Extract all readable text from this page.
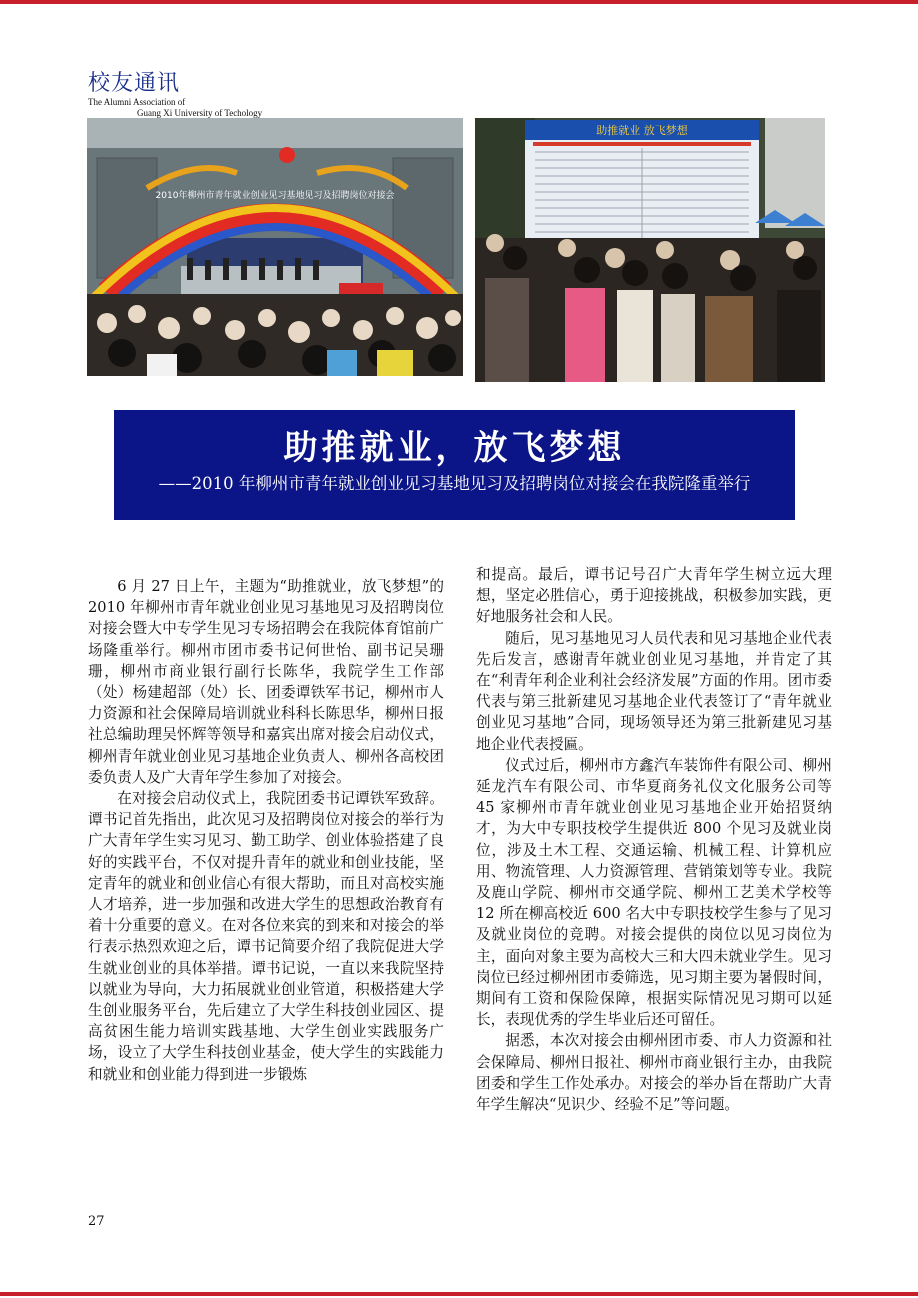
校友通讯
The Alumni Association of
Guang Xi University of Techology
2010年柳州市青年就业创业见习基地见习及招聘岗位对接会
助推就业 放飞梦想
助推就业，放飞梦想
——2010 年柳州市青年就业创业见习基地见习及招聘岗位对接会在我院隆重举行

6 月 27 日上午，主题为“助推就业，放飞梦想”的 2010 年柳州市青年就业创业见习基地见习及招聘岗位对接会暨大中专学生见习专场招聘会在我院体育馆前广场隆重举行。柳州市团市委书记何世怡、副书记吴珊珊，柳州市商业银行副行长陈华，我院学生工作部（处）杨建超部（处）长、团委谭铁军书记，柳州市人力资源和社会保障局培训就业科科长陈思华，柳州日报社总编助理吴怀辉等领导和嘉宾出席对接会启动仪式，柳州青年就业创业见习基地企业负责人、柳州各高校团委负责人及广大青年学生参加了对接会。

在对接会启动仪式上，我院团委书记谭铁军致辞。谭书记首先指出，此次见习及招聘岗位对接会的举行为广大青年学生实习见习、勤工助学、创业体验搭建了良好的实践平台，不仅对提升青年的就业和创业技能，坚定青年的就业和创业信心有很大帮助，而且对高校实施人才培养，进一步加强和改进大学生的思想政治教育有着十分重要的意义。在对各位来宾的到来和对接会的举行表示热烈欢迎之后，谭书记简要介绍了我院促进大学生就业创业的具体举措。谭书记说，一直以来我院坚持以就业为导向，大力拓展就业创业管道，积极搭建大学生创业服务平台，先后建立了大学生科技创业园区、提高贫困生能力培训实践基地、大学生创业实践服务广场，设立了大学生科技创业基金，使大学生的实践能力和就业和创业能力得到进一步锻炼

和提高。最后，谭书记号召广大青年学生树立远大理想，坚定必胜信心，勇于迎接挑战，积极参加实践，更好地服务社会和人民。

随后，见习基地见习人员代表和见习基地企业代表先后发言，感谢青年就业创业见习基地，并肯定了其在“利青年利企业利社会经济发展”方面的作用。团市委代表与第三批新建见习基地企业代表签订了“青年就业创业见习基地”合同，现场领导还为第三批新建见习基地企业代表授匾。

仪式过后，柳州市方鑫汽车装饰件有限公司、柳州延龙汽车有限公司、市华夏商务礼仪文化服务公司等 45 家柳州市青年就业创业见习基地企业开始招贤纳才，为大中专职技校学生提供近 800 个见习及就业岗位，涉及土木工程、交通运输、机械工程、计算机应用、物流管理、人力资源管理、营销策划等专业。我院及鹿山学院、柳州市交通学院、柳州工艺美术学校等 12 所在柳高校近 600 名大中专职技校学生参与了见习及就业岗位的竞聘。对接会提供的岗位以见习岗位为主，面向对象主要为高校大三和大四未就业学生。见习岗位已经过柳州团市委筛选，见习期主要为暑假时间，期间有工资和保险保障，根据实际情况见习期可以延长，表现优秀的学生毕业后还可留任。

据悉，本次对接会由柳州团市委、市人力资源和社会保障局、柳州日报社、柳州市商业银行主办，由我院团委和学生工作处承办。对接会的举办旨在帮助广大青年学生解决“见识少、经验不足”等问题。

27
